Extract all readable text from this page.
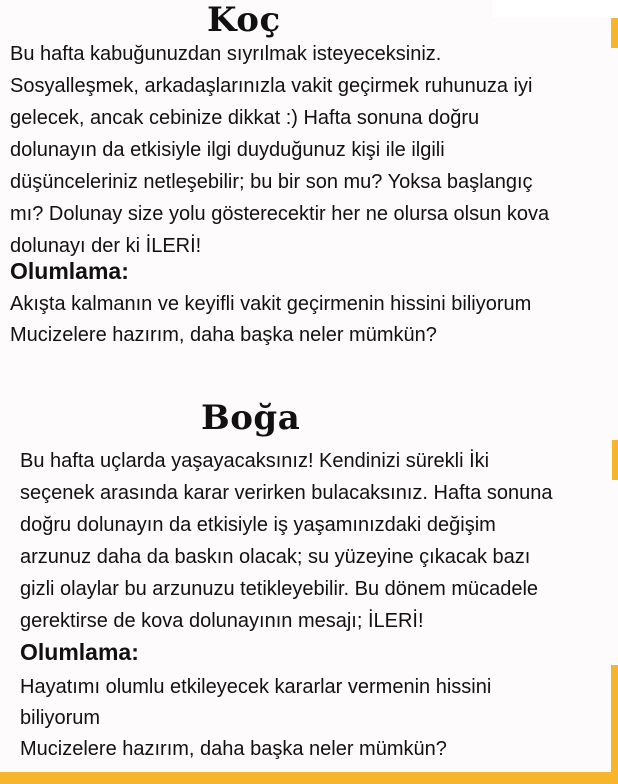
Koç

Bu hafta kabuğunuzdan sıyrılmak isteyeceksiniz.

Sosyalleşmek, arkadaşlarınızla vakit geçirmek ruhunuza iyi

gelecek, ancak cebinize dikkat :) Hafta sonuna doğru

dolunayın da etkisiyle ilgi duyduğunuz kişi ile ilgili

düşünceleriniz netleşebilir; bu bir son mu? Yoksa başlangıç

mı? Dolunay size yolu gösterecektir her ne olursa olsun kova

dolunayı der ki İLERİ!

Olumlama:

Akışta kalmanın ve keyifli vakit geçirmenin hissini biliyorum

Mucizelere hazırım, daha başka neler mümkün?

Boğa

Bu hafta uçlarda yaşayacaksınız! Kendinizi sürekli İki

seçenek arasında karar verirken bulacaksınız. Hafta sonuna

doğru dolunayın da etkisiyle iş yaşamınızdaki değişim

arzunuz daha da baskın olacak; su yüzeyine çıkacak bazı

gizli olaylar bu arzunuzu tetikleyebilir. Bu dönem mücadele

gerektirse de kova dolunayının mesajı; İLERİ!

Olumlama:

Hayatımı olumlu etkileyecek kararlar vermenin hissini

biliyorum

Mucizelere hazırım, daha başka neler mümkün?
